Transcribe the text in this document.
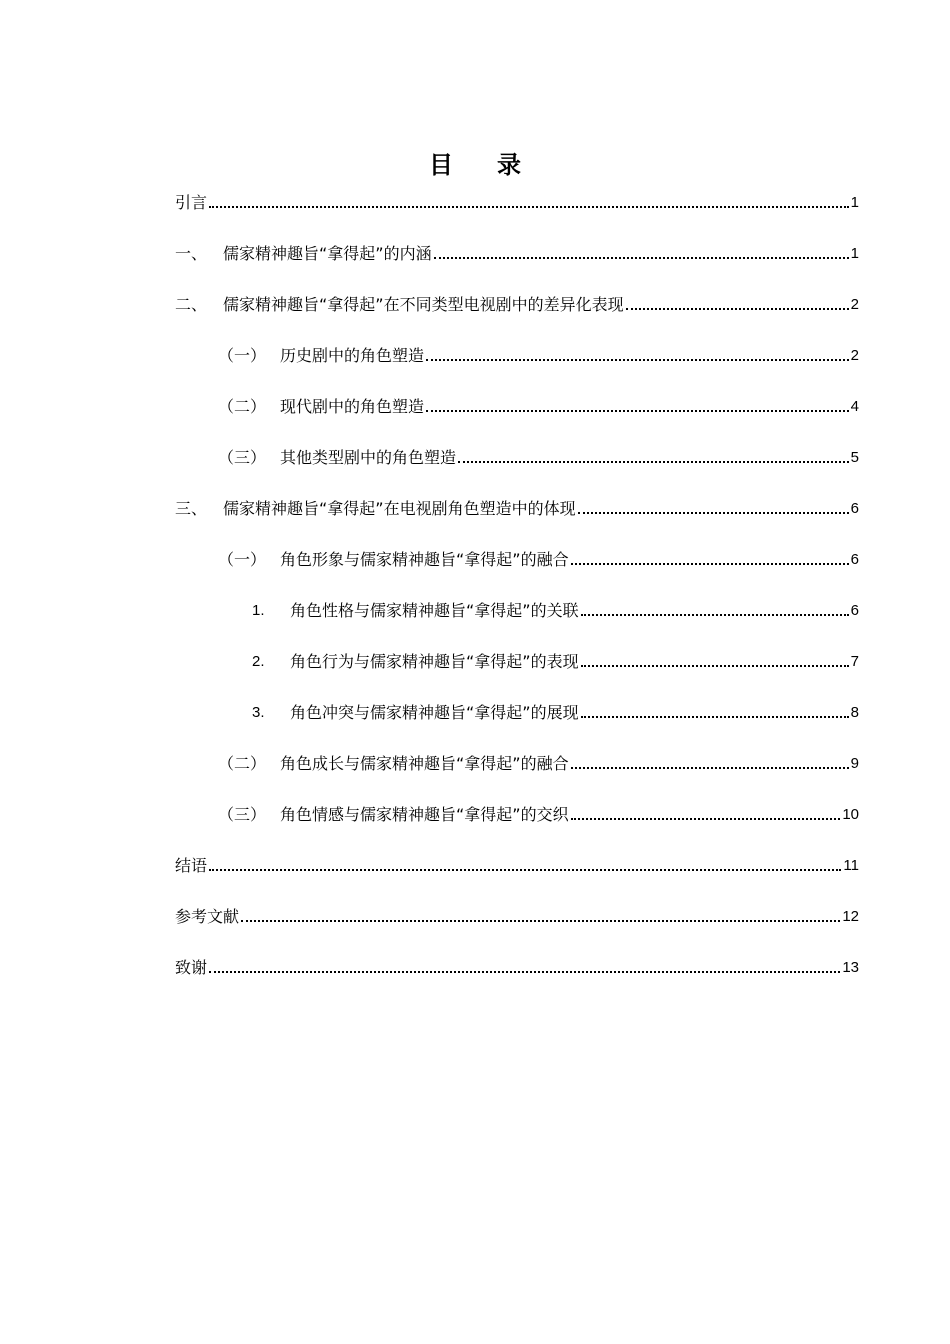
目 录
引言	1
一、 儒家精神趣旨“拿得起”的内涵	1
二、 儒家精神趣旨“拿得起”在不同类型电视剧中的差异化表现	2
（一） 历史剧中的角色塑造	2
（二） 现代剧中的角色塑造	4
（三） 其他类型剧中的角色塑造	5
三、 儒家精神趣旨“拿得起”在电视剧角色塑造中的体现	6
（一） 角色形象与儒家精神趣旨“拿得起”的融合	6
1.	角色性格与儒家精神趣旨“拿得起”的关联	6
2.	角色行为与儒家精神趣旨“拿得起”的表现	7
3.	角色冲突与儒家精神趣旨“拿得起”的展现	8
（二） 角色成长与儒家精神趣旨“拿得起”的融合	9
（三） 角色情感与儒家精神趣旨“拿得起”的交织	10
结语	11
参考文献	12
致谢	13
